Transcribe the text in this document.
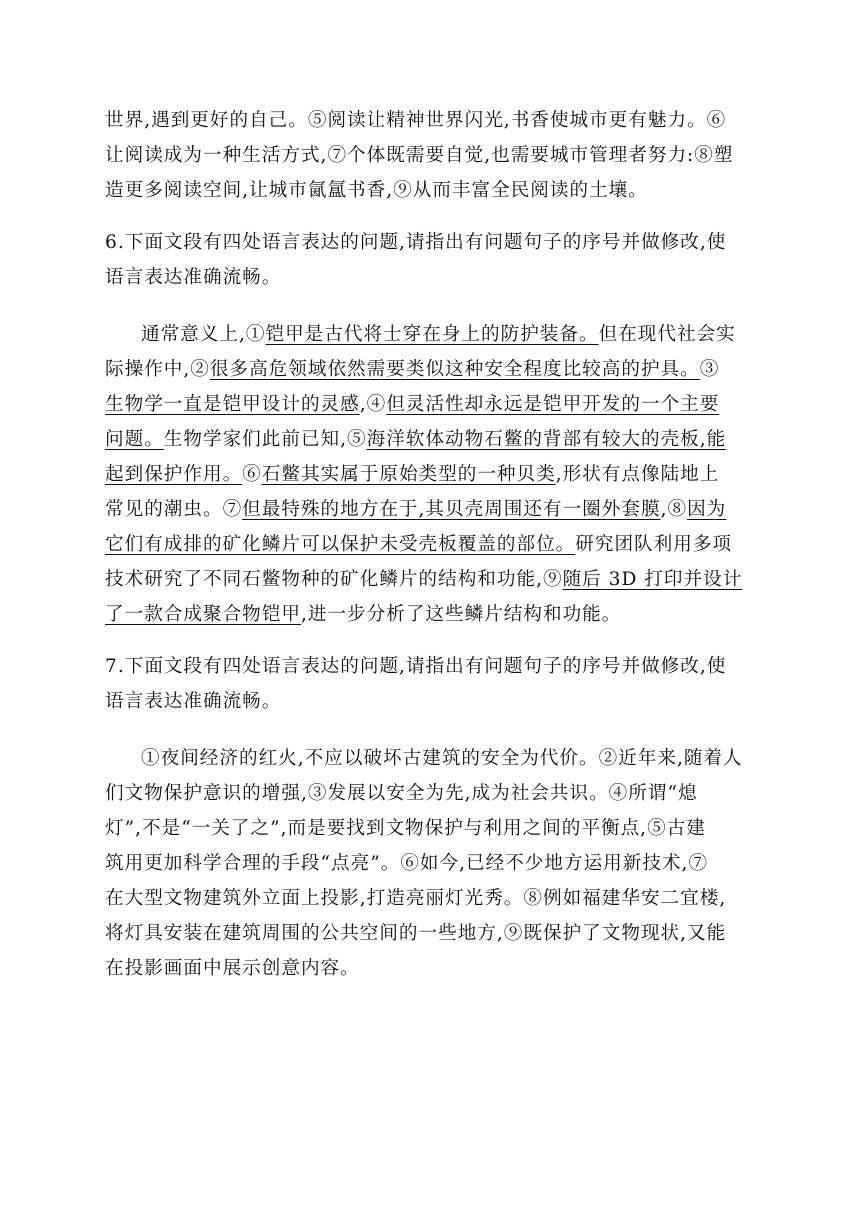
世界,遇到更好的自己。⑤阅读让精神世界闪光,书香使城市更有魅力。⑥
让阅读成为一种生活方式,⑦个体既需要自觉,也需要城市管理者努力:⑧塑
造更多阅读空间,让城市氤氲书香,⑨从而丰富全民阅读的土壤。
6.下面文段有四处语言表达的问题,请指出有问题句子的序号并做修改,使
语言表达准确流畅。
通常意义上,①铠甲是古代将士穿在身上的防护装备。但在现代社会实
际操作中,②很多高危领域依然需要类似这种安全程度比较高的护具。③
生物学一直是铠甲设计的灵感,④但灵活性却永远是铠甲开发的一个主要
问题。生物学家们此前已知,⑤海洋软体动物石鳖的背部有较大的壳板,能
起到保护作用。⑥石鳖其实属于原始类型的一种贝类,形状有点像陆地上
常见的潮虫。⑦但最特殊的地方在于,其贝壳周围还有一圈外套膜,⑧因为
它们有成排的矿化鳞片可以保护未受壳板覆盖的部位。研究团队利用多项
技术研究了不同石鳖物种的矿化鳞片的结构和功能,⑨随后 3D 打印并设计
了一款合成聚合物铠甲,进一步分析了这些鳞片结构和功能。
7.下面文段有四处语言表达的问题,请指出有问题句子的序号并做修改,使
语言表达准确流畅。
①夜间经济的红火,不应以破坏古建筑的安全为代价。②近年来,随着人
们文物保护意识的增强,③发展以安全为先,成为社会共识。④所谓“熄
灯”,不是“一关了之”,而是要找到文物保护与利用之间的平衡点,⑤古建
筑用更加科学合理的手段“点亮”。⑥如今,已经不少地方运用新技术,⑦
在大型文物建筑外立面上投影,打造亮丽灯光秀。⑧例如福建华安二宜楼,
将灯具安装在建筑周围的公共空间的一些地方,⑨既保护了文物现状,又能
在投影画面中展示创意内容。
